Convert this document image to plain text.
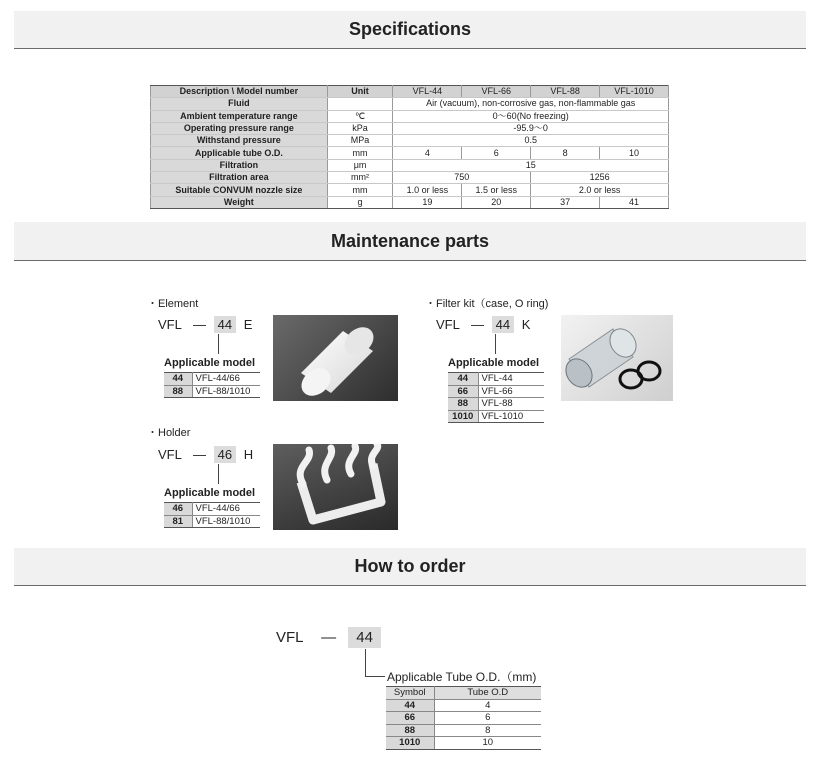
Specifications
Description \ Model number	Unit	VFL-44	VFL-66	VFL-88	VFL-1010
Fluid		Air (vacuum), non-corrosive gas, non-flammable gas			
Ambient temperature range	℃	0～60(No freezing)			
Operating pressure range	kPa	-95.9～0			
Withstand pressure	MPa	0.5			
Applicable tube O.D.	mm	4	6	8	10
Filtration	μm	15			
Filtration area	mm²	750		1256	
Suitable CONVUM nozzle size	mm	1.0 or less	1.5 or less	2.0 or less	
Weight	g	19	20	37	41
Maintenance parts
・Element
VFL — 44 E
Applicable model
44	VFL-44/66
88	VFL-88/1010
・Holder
VFL — 46 H
Applicable model
46	VFL-44/66
81	VFL-88/1010
・Filter kit（case, O ring)
VFL — 44 K
Applicable model
44	VFL-44
66	VFL-66
88	VFL-88
1010	VFL-1010
How to order
VFL — 44
Applicable Tube O.D.（mm)
Symbol	Tube O.D
44	4
66	6
88	8
1010	10
